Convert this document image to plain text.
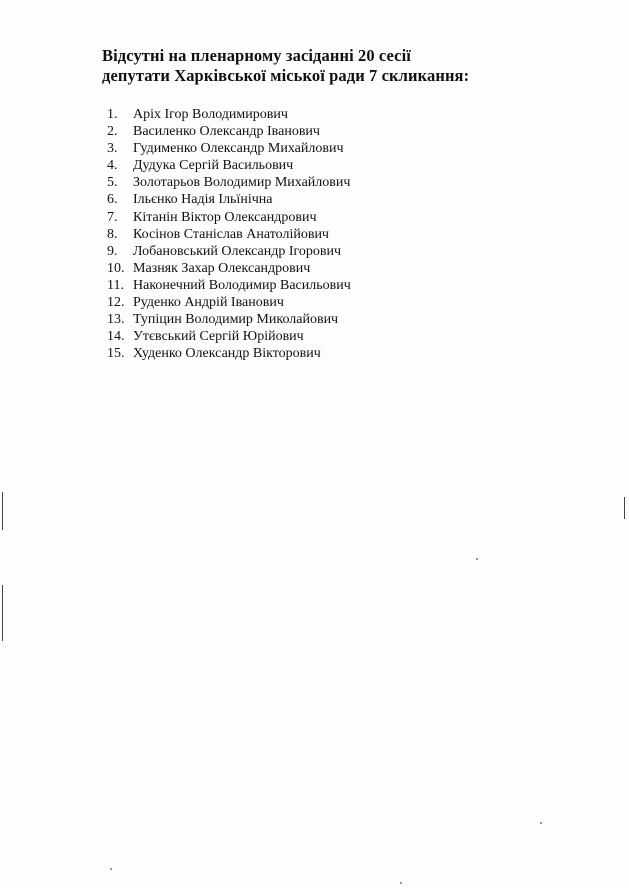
Відсутні на пленарному засіданні 20 сесії
депутати Харківської міської ради 7 скликання:
1. Аріх Ігор Володимирович
2. Василенко Олександр Іванович
3. Гудименко Олександр Михайлович
4. Дудука Сергій Васильович
5. Золотарьов Володимир Михайлович
6. Ільєнко Надія Ільїнічна
7. Кітанін Віктор Олександрович
8. Косінов Станіслав Анатолійович
9. Лобановський Олександр Ігорович
10. Мазняк Захар Олександрович
11. Наконечний Володимир Васильович
12. Руденко Андрій Іванович
13. Тупіцин Володимир Миколайович
14. Утєвський Сергій Юрійович
15. Худенко Олександр Вікторович
